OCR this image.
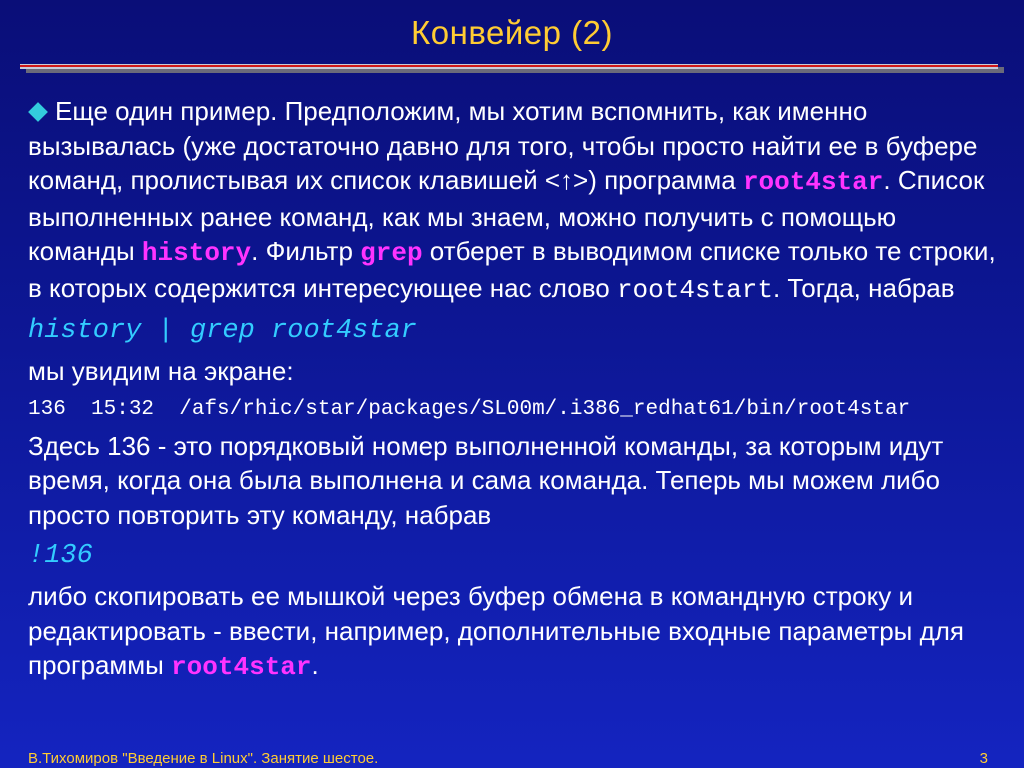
Конвейер (2)

Еще один пример. Предположим, мы хотим вспомнить, как именно вызывалась (уже достаточно давно для того, чтобы просто найти ее в буфере команд, пролистывая их список клавишей <↑>) программа root4star. Список выполненных ранее команд, как мы знаем, можно получить с помощью команды history. Фильтр grep отберет в выводимом списке только те строки, в которых содержится интересующее нас слово root4start. Тогда, набрав

history | grep root4star

мы увидим на экране:

136  15:32  /afs/rhic/star/packages/SL00m/.i386_redhat61/bin/root4star

Здесь 136 - это порядковый номер выполненной команды, за которым идут время, когда она была выполнена и сама команда. Теперь мы можем либо просто повторить эту команду, набрав

!136

либо скопировать ее мышкой через буфер обмена в командную строку и редактировать - ввести, например, дополнительные входные параметры для программы root4star.

В.Тихомиров "Введение в Linux". Занятие шестое.	3
